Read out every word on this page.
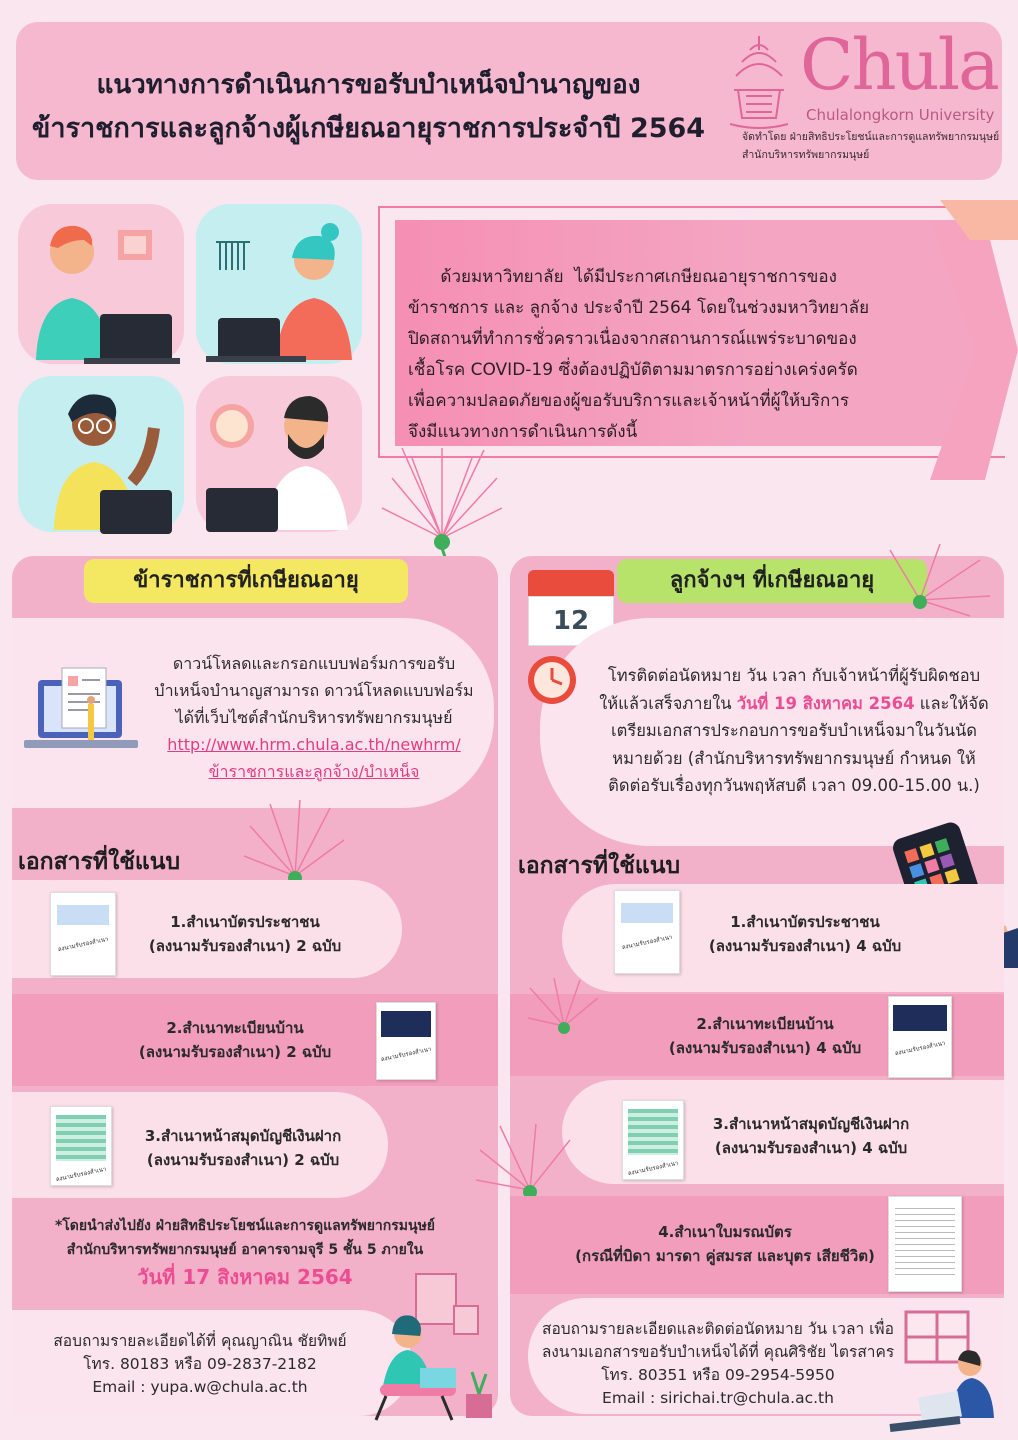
แนวทางการดำเนินการขอรับบำเหน็จบำนาญของ
ข้าราชการและลูกจ้างผู้เกษียณอายุราชการประจำปี 2564
Chula
Chulalongkorn University
จัดทำโดย ฝ่ายสิทธิประโยชน์และการดูแลทรัพยากรมนุษย์
สำนักบริหารทรัพยากรมนุษย์
ด้วยมหาวิทยาลัย  ได้มีประกาศเกษียณอายุราชการของ
ข้าราชการ และ ลูกจ้าง ประจำปี 2564 โดยในช่วงมหาวิทยาลัย
ปิดสถานที่ทำการชั่วคราวเนื่องจากสถานการณ์แพร่ระบาดของ
เชื้อโรค COVID-19 ซึ่งต้องปฏิบัติตามมาตรการอย่างเคร่งครัด
เพื่อความปลอดภัยของผู้ขอรับบริการและเจ้าหน้าที่ผู้ให้บริการ
จึงมีแนวทางการดำเนินการดังนี้
ข้าราชการที่เกษียณอายุ
ดาวน์โหลดและกรอกแบบฟอร์มการขอรับ
บำเหน็จบำนาญสามารถ ดาวน์โหลดแบบฟอร์ม
ได้ที่เว็บไซต์สำนักบริหารทรัพยากรมนุษย์
http://www.hrm.chula.ac.th/newhrm/
ข้าราชการและลูกจ้าง/บำเหน็จ
เอกสารที่ใช้แนบ
ลงนามรับรองสำเนา
1.สำเนาบัตรประชาชน
(ลงนามรับรองสำเนา) 2 ฉบับ
2.สำเนาทะเบียนบ้าน
(ลงนามรับรองสำเนา) 2 ฉบับ	ลงนามรับรองสำเนา
ลงนามรับรองสำเนา
3.สำเนาหน้าสมุดบัญชีเงินฝาก
(ลงนามรับรองสำเนา) 2 ฉบับ
*โดยนำส่งไปยัง ฝ่ายสิทธิประโยชน์และการดูแลทรัพยากรมนุษย์
สำนักบริหารทรัพยากรมนุษย์ อาคารจามจุรี 5 ชั้น 5 ภายใน
วันที่ 17 สิงหาคม 2564
สอบถามรายละเอียดได้ที่ คุณญาณิน ชัยทิพย์
โทร. 80183 หรือ 09-2837-2182
Email : yupa.w@chula.ac.th
ลูกจ้างฯ ที่เกษียณอายุ
12
โทรติดต่อนัดหมาย วัน เวลา กับเจ้าหน้าที่ผู้รับผิดชอบ
ให้แล้วเสร็จภายใน วันที่ 19 สิงหาคม 2564 และให้จัด
เตรียมเอกสารประกอบการขอรับบำเหน็จมาในวันนัด
หมายด้วย (สำนักบริหารทรัพยากรมนุษย์ กำหนด ให้
ติดต่อรับเรื่องทุกวันพฤหัสบดี เวลา 09.00-15.00 น.)
เอกสารที่ใช้แนบ
ลงนามรับรองสำเนา
1.สำเนาบัตรประชาชน
(ลงนามรับรองสำเนา) 4 ฉบับ
2.สำเนาทะเบียนบ้าน
(ลงนามรับรองสำเนา) 4 ฉบับ	ลงนามรับรองสำเนา
ลงนามรับรองสำเนา
3.สำเนาหน้าสมุดบัญชีเงินฝาก
(ลงนามรับรองสำเนา) 4 ฉบับ
4.สำเนาใบมรณบัตร
(กรณีที่บิดา มารดา คู่สมรส และบุตร เสียชีวิต)
สอบถามรายละเอียดและติดต่อนัดหมาย วัน เวลา เพื่อ
ลงนามเอกสารขอรับบำเหน็จได้ที่ คุณศิริชัย ไตรสาคร
โทร. 80351 หรือ 09-2954-5950
Email : sirichai.tr@chula.ac.th
